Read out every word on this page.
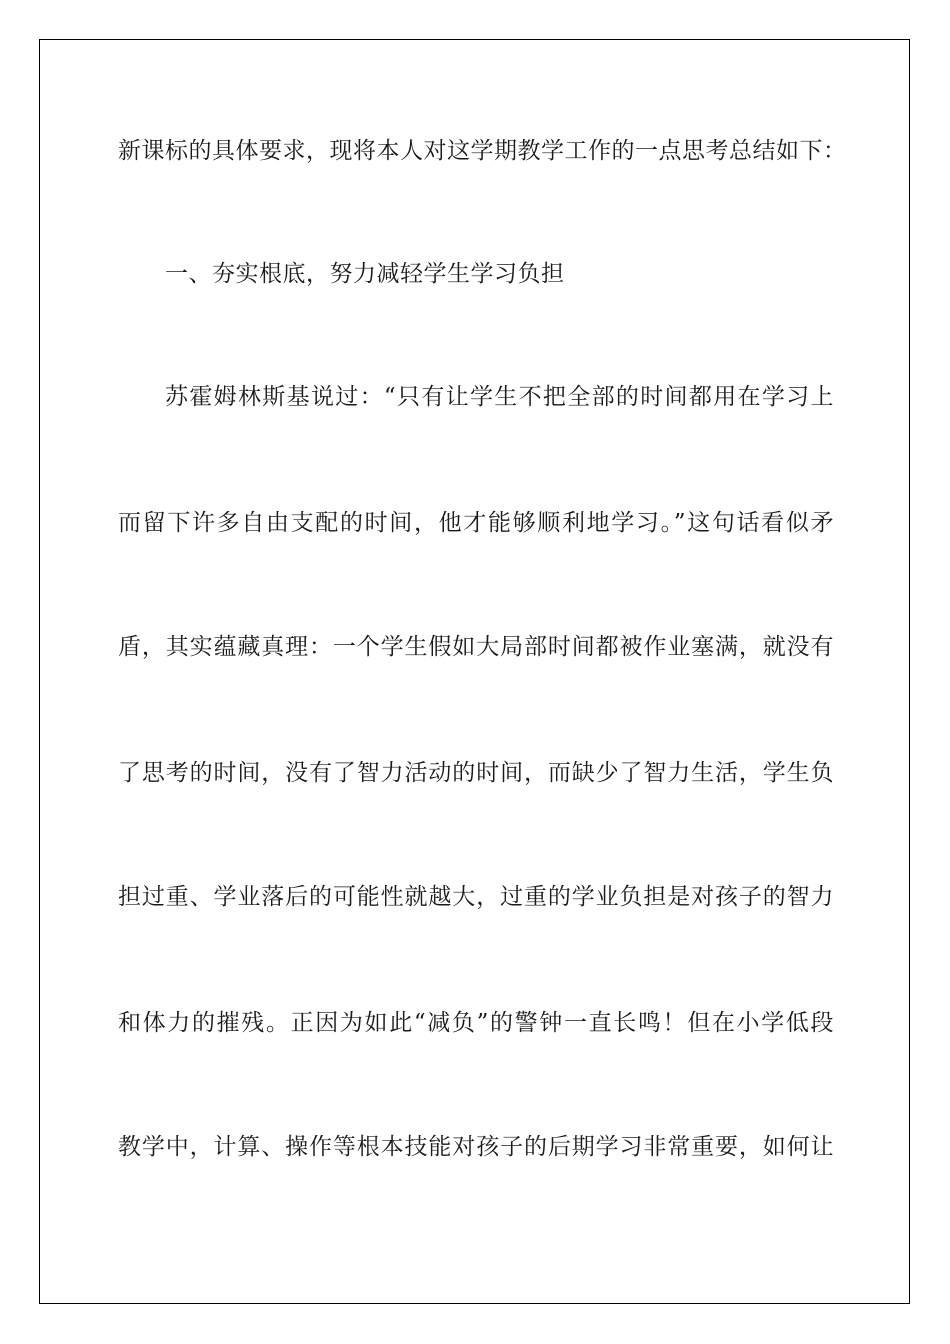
新课标的具体要求，现将本人对这学期教学工作的一点思考总结如下：
一、夯实根底，努力减轻学生学习负担
苏霍姆林斯基说过：“只有让学生不把全部的时间都用在学习上
而留下许多自由支配的时间，他才能够顺利地学习。”这句话看似矛
盾，其实蕴藏真理：一个学生假如大局部时间都被作业塞满，就没有
了思考的时间，没有了智力活动的时间，而缺少了智力生活，学生负
担过重、学业落后的可能性就越大，过重的学业负担是对孩子的智力
和体力的摧残。正因为如此“减负”的警钟一直长鸣！但在小学低段
教学中，计算、操作等根本技能对孩子的后期学习非常重要，如何让
